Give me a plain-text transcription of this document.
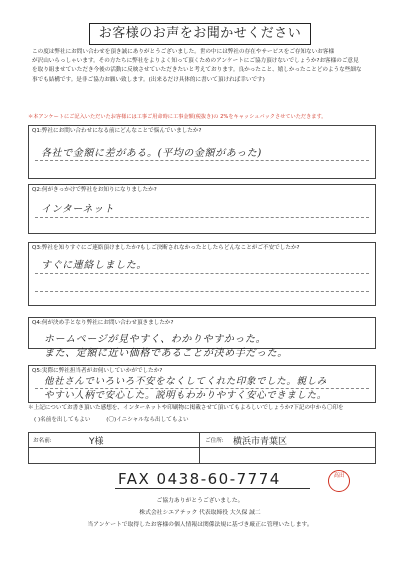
お客様のお声をお聞かせください

この度は弊社にお問い合わせを頂き誠にありがとうございました。世の中には弊社の存在やサービスをご存知ないお客様

が沢山いらっしゃいます。その方たちに弊社をよりよく知って頂くためのアンケートにご協力頂けないでしょうか?お客様のご意見

を取り組ませていただき今後の活動に反映させていただきたいと考えております。良かったこと、嬉しかったことどのような些細な

事でも結構です。是非ご協力お願い致します。(出来るだけ具体的に書いて頂ければ幸いです)

＊本アンケートにご記入いただいたお客様には工事ご用命時に工事金額(税抜き)の 2%をキャッシュバックさせていただきます。
Q1:弊社にお問い合わせになる前にどんなことで悩んでいましたか?
各社で金額に差がある。(平均の金額があった)
Q2:何がきっかけで弊社をお知りになりましたか?
インターネット
Q3:弊社を知りすぐにご連絡頂けましたか?もしご決断されなかったとしたらどんなことがご不安でしたか?
すぐに連絡しました。
Q4:何が決め手となり弊社にお問い合わせ頂きましたか?
ホームページが見やすく、わかりやすかった。
また、定額に近い価格であることが決め手だった。
Q5:実際に弊社担当者がお伺いしていかがでしたか?
他社さんでいろいろ不安をなくしてくれた印象でした。親しみ
やすい人柄で安心した。説明もわかりやすく安心できました。
＊上記についてお書き頂いた感想を、インターネットや印刷物に掲載させて頂いてもよろしいでしょうか?下記の中から〇印を
( )名前を出してもよい	(〇)イニシャルなら出してもよい
お名前:	Y様	ご住所: 横浜市青葉区
FAX 0438-60-7774	高田
ご協力ありがとうございました。
株式会社シエアテック 代表取締役 大久保 誠二
当アンケートで取得したお客様の個人情報は関係法規に基づき厳正に管理いたします。
